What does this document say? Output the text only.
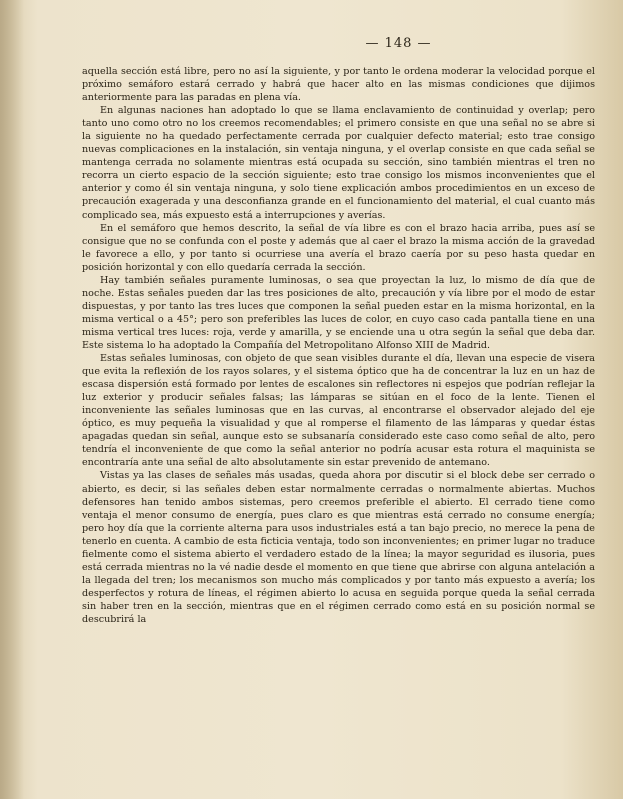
— 148 —

aquella sección está libre, pero no así la siguiente, y por tanto le ordena moderar la velocidad porque el próximo semáforo estará cerrado y habrá que hacer alto en las mismas condiciones que dijimos anteriormente para las paradas en plena vía.

En algunas naciones han adoptado lo que se llama enclavamiento de continuidad y overlap; pero tanto uno como otro no los creemos recomendables; el primero consiste en que una señal no se abre si la siguiente no ha quedado perfectamente cerrada por cualquier defecto material; esto trae consigo nuevas complicaciones en la instalación, sin ventaja ninguna, y el overlap consiste en que cada señal se mantenga cerrada no solamente mientras está ocupada su sección, sino también mientras el tren no recorra un cierto espacio de la sección siguiente; esto trae consigo los mismos inconvenientes que el anterior y como él sin ventaja ninguna, y solo tiene explicación ambos procedimientos en un exceso de precaución exagerada y una desconfianza grande en el funcionamiento del material, el cual cuanto más complicado sea, más expuesto está a interrupciones y averías.

En el semáforo que hemos descrito, la señal de vía libre es con el brazo hacia arriba, pues así se consigue que no se confunda con el poste y además que al caer el brazo la misma acción de la gravedad le favorece a ello, y por tanto si ocurriese una avería el brazo caería por su peso hasta quedar en posición horizontal y con ello quedaría cerrada la sección.

Hay también señales puramente luminosas, o sea que proyectan la luz, lo mismo de día que de noche. Estas señales pueden dar las tres posiciones de alto, precaución y vía libre por el modo de estar dispuestas, y por tanto las tres luces que componen la señal pueden estar en la misma horizontal, en la misma vertical o a 45°; pero son preferibles las luces de color, en cuyo caso cada pantalla tiene en una misma vertical tres luces: roja, verde y amarilla, y se enciende una u otra según la señal que deba dar. Este sistema lo ha adoptado la Compañía del Metropolitano Alfonso XIII de Madrid.

Estas señales luminosas, con objeto de que sean visibles durante el día, llevan una especie de visera que evita la reflexión de los rayos solares, y el sistema óptico que ha de concentrar la luz en un haz de escasa dispersión está formado por lentes de escalones sin reflectores ni espejos que podrían reflejar la luz exterior y producir señales falsas; las lámparas se sitúan en el foco de la lente. Tienen el inconveniente las señales luminosas que en las curvas, al encontrarse el observador alejado del eje óptico, es muy pequeña la visualidad y que al romperse el filamento de las lámparas y quedar éstas apagadas quedan sin señal, aunque esto se subsanaría considerado este caso como señal de alto, pero tendría el inconveniente de que como la señal anterior no podría acusar esta rotura el maquinista se encontraría ante una señal de alto absolutamente sin estar prevenido de antemano.

Vistas ya las clases de señales más usadas, queda ahora por discutir si el block debe ser cerrado o abierto, es decir, si las señales deben estar normalmente cerradas o normalmente abiertas. Muchos defensores han tenido ambos sistemas, pero creemos preferible el abierto. El cerrado tiene como ventaja el menor consumo de energía, pues claro es que mientras está cerrado no consume energía; pero hoy día que la corriente alterna para usos industriales está a tan bajo precio, no merece la pena de tenerlo en cuenta. A cambio de esta ficticia ventaja, todo son inconvenientes; en primer lugar no traduce fielmente como el sistema abierto el verdadero estado de la línea; la mayor seguridad es ilusoria, pues está cerrada mientras no la vé nadie desde el momento en que tiene que abrirse con alguna antelación a la llegada del tren; los mecanismos son mucho más complicados y por tanto más expuesto a avería; los desperfectos y rotura de líneas, el régimen abierto lo acusa en seguida porque queda la señal cerrada sin haber tren en la sección, mientras que en el régimen cerrado como está en su posición normal se descubrirá la
